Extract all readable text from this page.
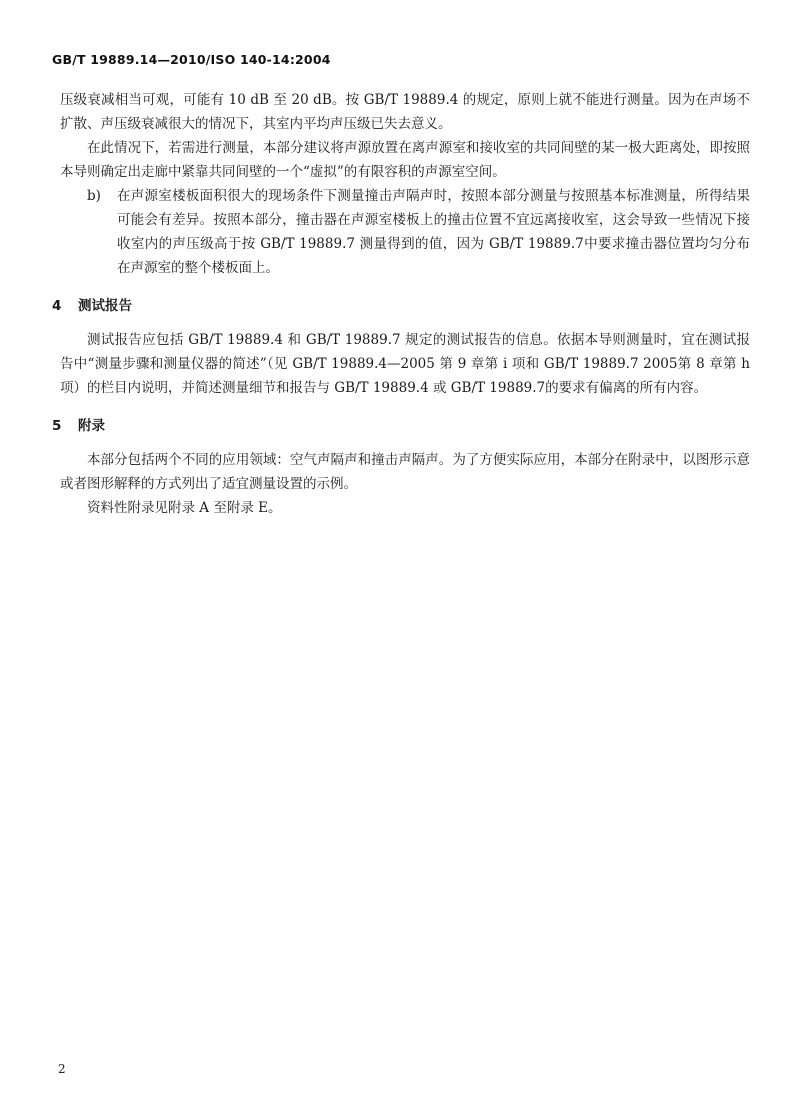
GB/T 19889.14—2010/ISO 140-14:2004

压级衰减相当可观，可能有 10 dB 至 20 dB。按 GB/T 19889.4 的规定，原则上就不能进行测量。因为在声场不扩散、声压级衰减很大的情况下，其室内平均声压级已失去意义。

在此情况下，若需进行测量，本部分建议将声源放置在离声源室和接收室的共同间壁的某一极大距离处，即按照本导则确定出走廊中紧靠共同间壁的一个“虚拟”的有限容积的声源室空间。

b)	在声源室楼板面积很大的现场条件下测量撞击声隔声时，按照本部分测量与按照基本标准测量，所得结果可能会有差异。按照本部分，撞击器在声源室楼板上的撞击位置不宜远离接收室，这会导致一些情况下接收室内的声压级高于按 GB/T 19889.7 测量得到的值，因为 GB/T 19889.7中要求撞击器位置均匀分布在声源室的整个楼板面上。
4	测试报告

测试报告应包括 GB/T 19889.4 和 GB/T 19889.7 规定的测试报告的信息。依据本导则测量时，宜在测试报告中“测量步骤和测量仪器的简述”（见 GB/T 19889.4—2005 第 9 章第 i 项和 GB/T 19889.7 2005第 8 章第 h 项）的栏目内说明，并简述测量细节和报告与 GB/T 19889.4 或 GB/T 19889.7的要求有偏离的所有内容。

5	附录

本部分包括两个不同的应用领域：空气声隔声和撞击声隔声。为了方便实际应用，本部分在附录中，以图形示意或者图形解释的方式列出了适宜测量设置的示例。

资料性附录见附录 A 至附录 E。

2
